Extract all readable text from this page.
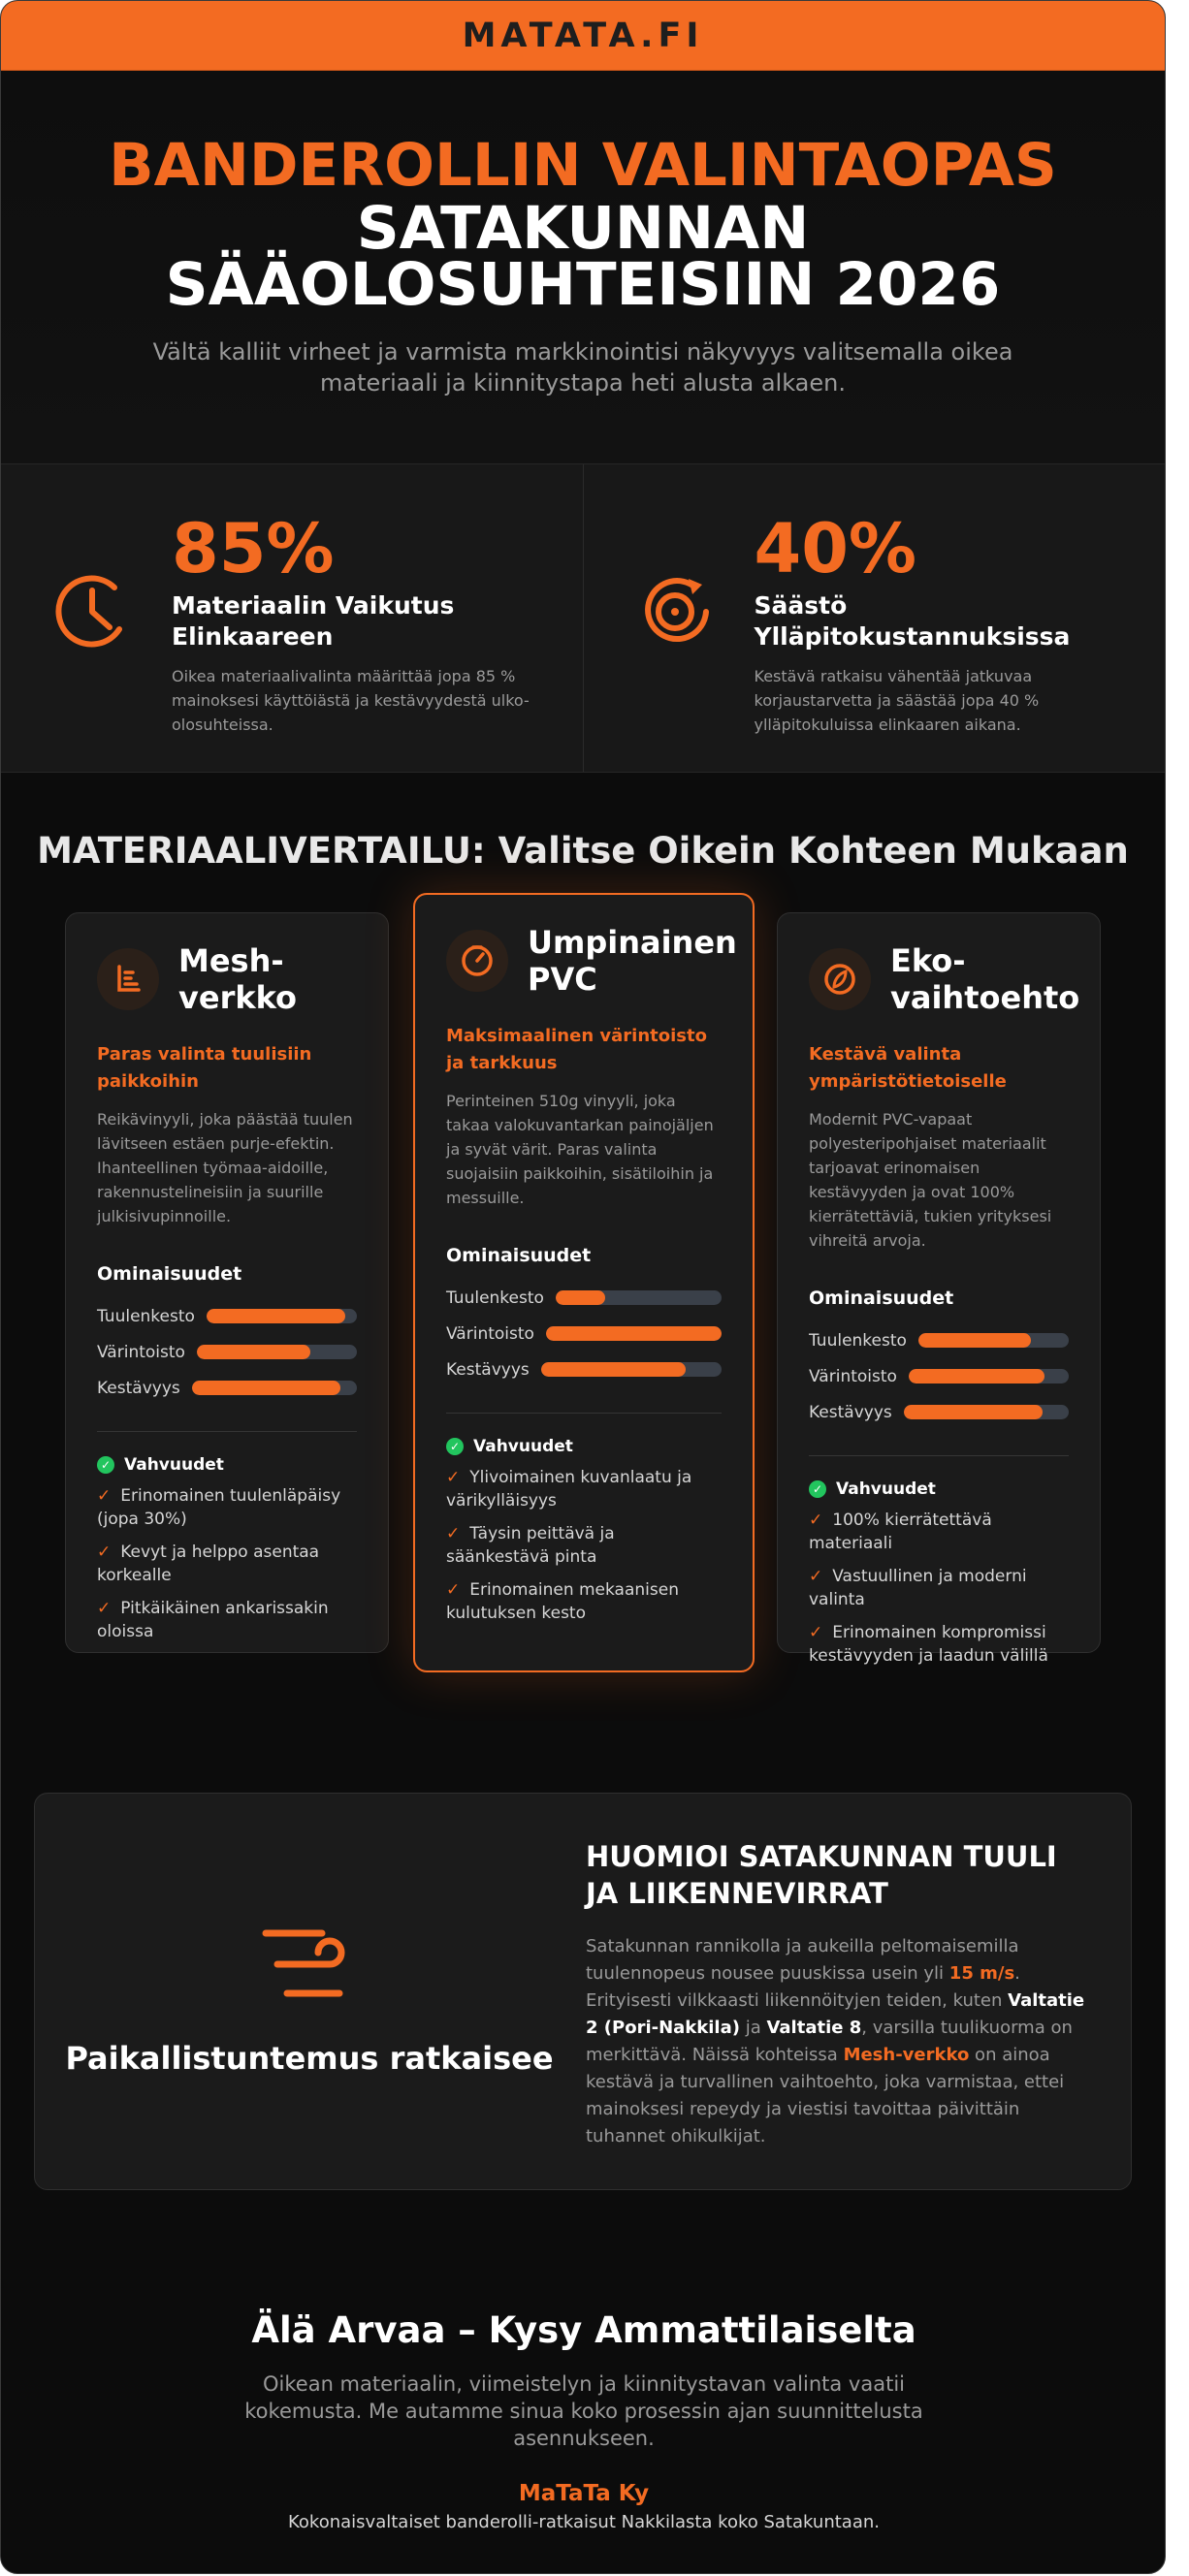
MATATA.FI
BANDEROLLIN VALINTAOPAS
SATAKUNNAN
SÄÄOLOSUHTEISIIN 2026

Vältä kalliit virheet ja varmista markkinointisi näkyvyys valitsemalla oikea materiaali ja kiinnitystapa heti alusta alkaen.

85%
Materiaalin Vaikutus Elinkaareen
Oikea materiaalivalinta määrittää jopa 85 % mainoksesi käyttöiästä ja kestävyydestä ulko-olosuhteissa.
40%
Säästö Ylläpitokustannuksissa
Kestävä ratkaisu vähentää jatkuvaa korjaustarvetta ja säästää jopa 40 % ylläpitokuluissa elinkaaren aikana.
MATERIAALIVERTAILU: Valitse Oikein Kohteen Mukaan
Mesh-verkko
Paras valinta tuulisiin paikkoihin
Reikävinyyli, joka päästää tuulen lävitseen estäen purje-efektin. Ihanteellinen työmaa-aidoille, rakennustelineisiin ja suurille julkisivupinnoille.
Ominaisuudet
Tuulenkesto
Värintoisto
Kestävyys
✓ Vahvuudet
✓ Erinomainen tuulenläpäisy (jopa 30%)
✓ Kevyt ja helppo asentaa korkealle
✓ Pitkäikäinen ankarissakin oloissa
Umpinainen PVC
Maksimaalinen värintoisto ja tarkkuus
Perinteinen 510g vinyyli, joka takaa valokuvantarkan painojäljen ja syvät värit. Paras valinta suojaisiin paikkoihin, sisätiloihin ja messuille.
Ominaisuudet
Tuulenkesto
Värintoisto
Kestävyys
✓ Vahvuudet
✓ Ylivoimainen kuvanlaatu ja värikylläisyys
✓ Täysin peittävä ja säänkestävä pinta
✓ Erinomainen mekaanisen kulutuksen kesto
Eko-vaihtoehto
Kestävä valinta ympäristötietoiselle
Modernit PVC-vapaat polyesteripohjaiset materiaalit tarjoavat erinomaisen kestävyyden ja ovat 100% kierrätettäviä, tukien yrityksesi vihreitä arvoja.
Ominaisuudet
Tuulenkesto
Värintoisto
Kestävyys
✓ Vahvuudet
✓ 100% kierrätettävä materiaali
✓ Vastuullinen ja moderni valinta
✓ Erinomainen kompromissi kestävyyden ja laadun välillä
Paikallistuntemus ratkaisee
HUOMIOI SATAKUNNAN TUULI JA LIIKENNEVIRRAT

Satakunnan rannikolla ja aukeilla peltomaisemilla tuulennopeus nousee puuskissa usein yli 15 m/s. Erityisesti vilkkaasti liikennöityjen teiden, kuten Valtatie 2 (Pori-Nakkila) ja Valtatie 8, varsilla tuulikuorma on merkittävä. Näissä kohteissa Mesh-verkko on ainoa kestävä ja turvallinen vaihtoehto, joka varmistaa, ettei mainoksesi repeydy ja viestisi tavoittaa päivittäin tuhannet ohikulkijat.

Älä Arvaa – Kysy Ammattilaiselta

Oikean materiaalin, viimeistelyn ja kiinnitystavan valinta vaatii kokemusta. Me autamme sinua koko prosessin ajan suunnittelusta asennukseen.

MaTaTa Ky
Kokonaisvaltaiset banderolli-ratkaisut Nakkilasta koko Satakuntaan.
